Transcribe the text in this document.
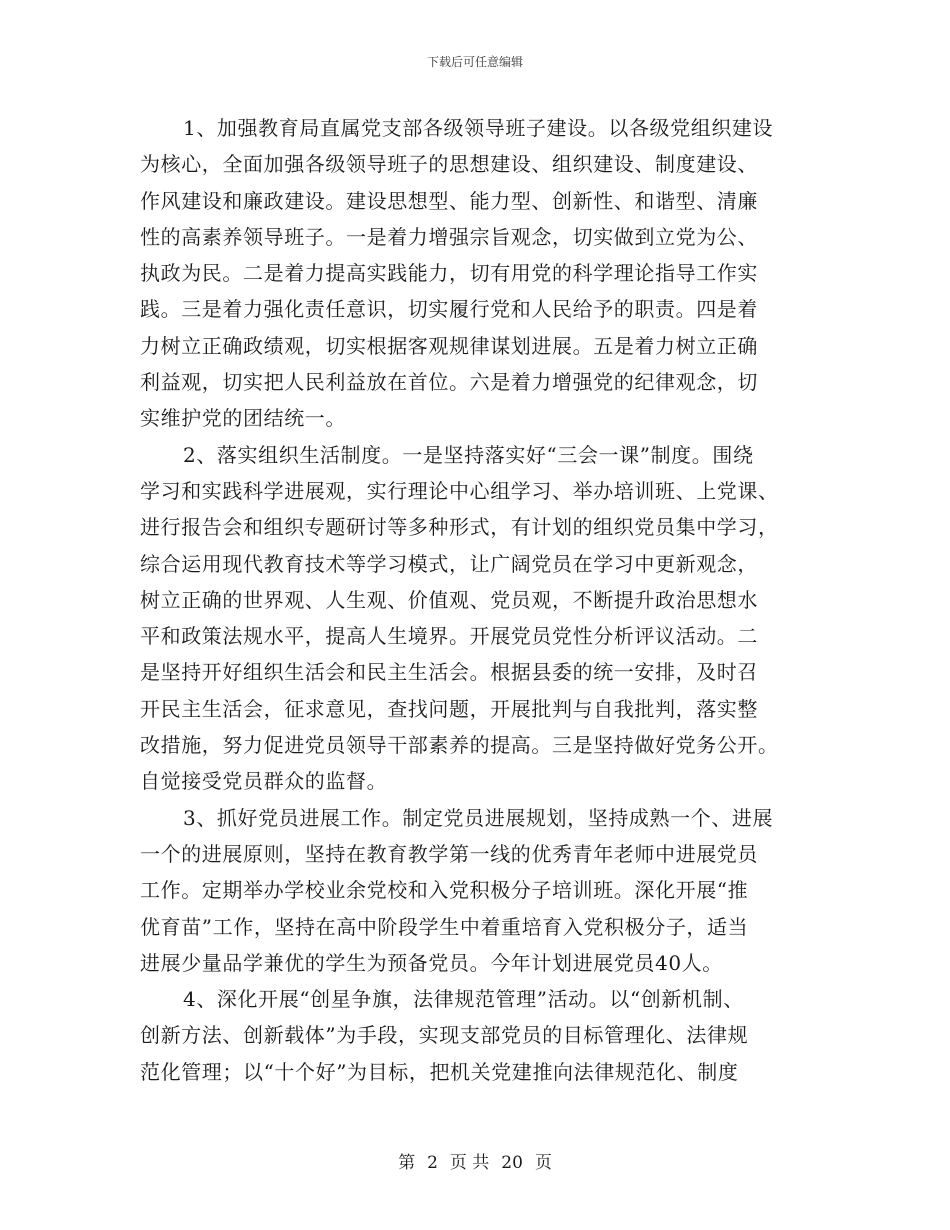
下载后可任意编辑
1、加强教育局直属党支部各级领导班子建设。以各级党组织建设
为核心，全面加强各级领导班子的思想建设、组织建设、制度建设、
作风建设和廉政建设。建设思想型、能力型、创新性、和谐型、清廉
性的高素养领导班子。一是着力增强宗旨观念，切实做到立党为公、
执政为民。二是着力提高实践能力，切有用党的科学理论指导工作实
践。三是着力强化责任意识，切实履行党和人民给予的职责。四是着
力树立正确政绩观，切实根据客观规律谋划进展。五是着力树立正确
利益观，切实把人民利益放在首位。六是着力增强党的纪律观念，切
实维护党的团结统一。
2、落实组织生活制度。一是坚持落实好“三会一课”制度。围绕
学习和实践科学进展观，实行理论中心组学习、举办培训班、上党课、
进行报告会和组织专题研讨等多种形式，有计划的组织党员集中学习，
综合运用现代教育技术等学习模式，让广阔党员在学习中更新观念，
树立正确的世界观、人生观、价值观、党员观，不断提升政治思想水
平和政策法规水平，提高人生境界。开展党员党性分析评议活动。二
是坚持开好组织生活会和民主生活会。根据县委的统一安排，及时召
开民主生活会，征求意见，查找问题，开展批判与自我批判，落实整
改措施，努力促进党员领导干部素养的提高。三是坚持做好党务公开。
自觉接受党员群众的监督。
3、抓好党员进展工作。制定党员进展规划，坚持成熟一个、进展
一个的进展原则，坚持在教育教学第一线的优秀青年老师中进展党员
工作。定期举办学校业余党校和入党积极分子培训班。深化开展“推
优育苗”工作，坚持在高中阶段学生中着重培育入党积极分子，适当
进展少量品学兼优的学生为预备党员。今年计划进展党员40人。
4、深化开展“创星争旗，法律规范管理”活动。以“创新机制、
创新方法、创新载体”为手段，实现支部党员的目标管理化、法律规
范化管理；以“十个好”为目标，把机关党建推向法律规范化、制度
第 2 页 共 20 页
